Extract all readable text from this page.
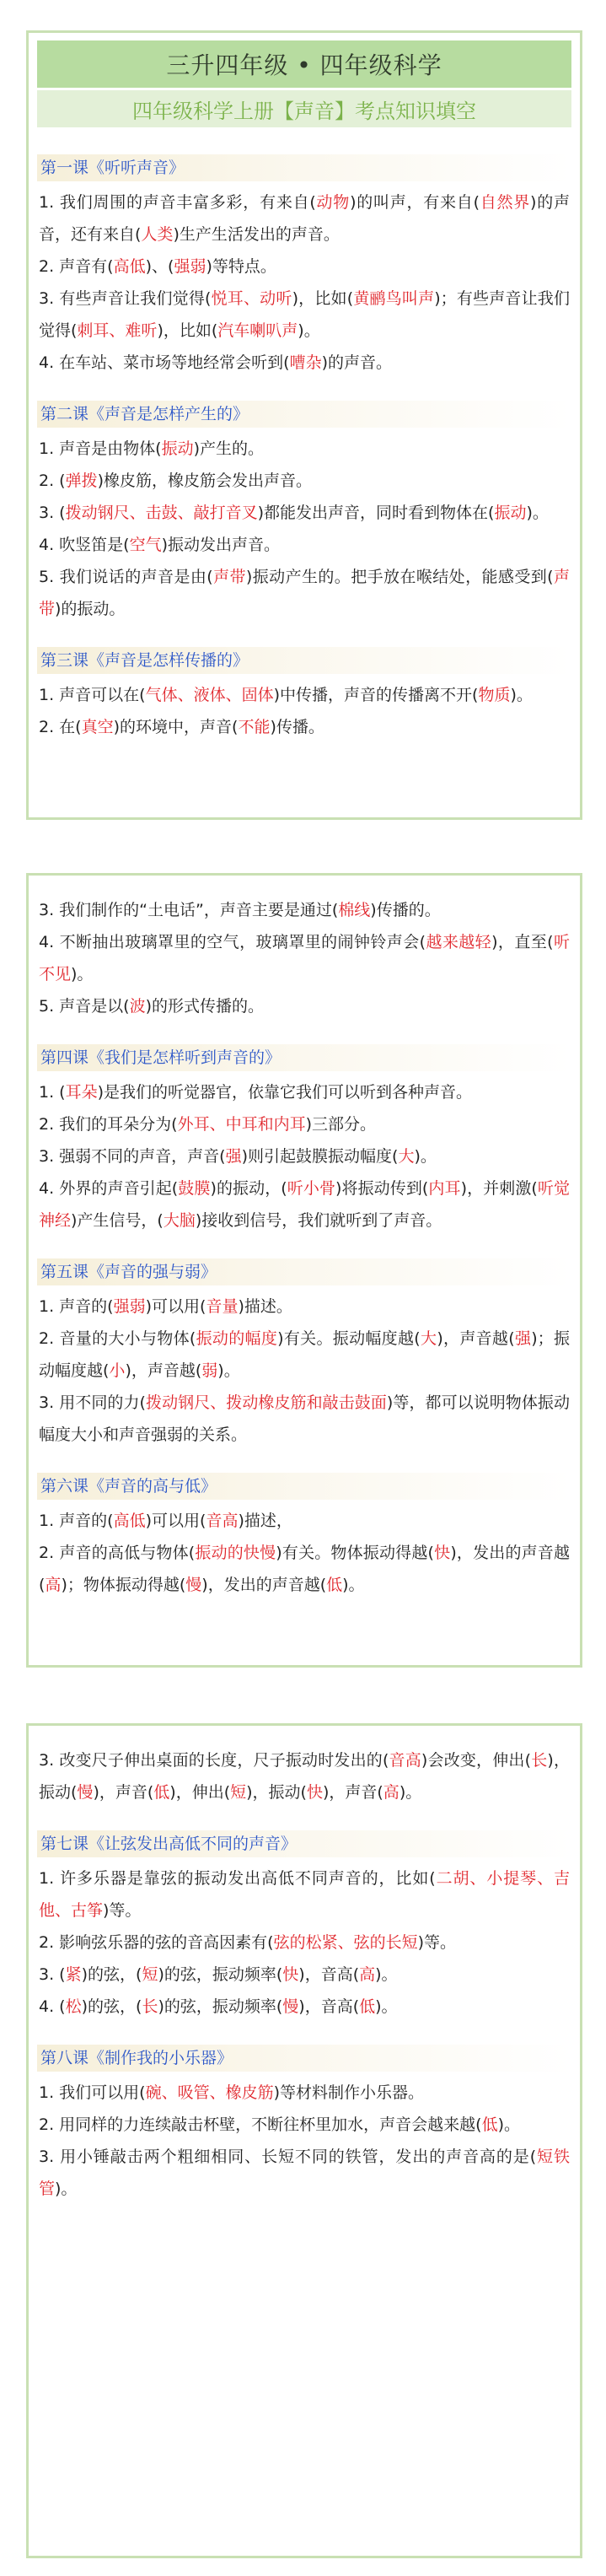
三升四年级 • 四年级科学
四年级科学上册【声音】考点知识填空
第一课《听听声音》
1. 我们周围的声音丰富多彩，有来自(动物)的叫声，有来自(自然界)的声音，还有来自(人类)生产生活发出的声音。
2. 声音有(高低)、(强弱)等特点。
3. 有些声音让我们觉得(悦耳、动听)，比如(黄鹂鸟叫声)；有些声音让我们觉得(刺耳、难听)，比如(汽车喇叭声)。
4. 在车站、菜市场等地经常会听到(嘈杂)的声音。
第二课《声音是怎样产生的》
1. 声音是由物体(振动)产生的。
2. (弹拨)橡皮筋，橡皮筋会发出声音。
3. (拨动钢尺、击鼓、敲打音叉)都能发出声音，同时看到物体在(振动)。
4. 吹竖笛是(空气)振动发出声音。
5. 我们说话的声音是由(声带)振动产生的。把手放在喉结处，能感受到(声带)的振动。
第三课《声音是怎样传播的》
1. 声音可以在(气体、液体、固体)中传播，声音的传播离不开(物质)。
2. 在(真空)的环境中，声音(不能)传播。
3. 我们制作的“土电话”，声音主要是通过(棉线)传播的。
4. 不断抽出玻璃罩里的空气，玻璃罩里的闹钟铃声会(越来越轻)，直至(听不见)。
5. 声音是以(波)的形式传播的。
第四课《我们是怎样听到声音的》
1. (耳朵)是我们的听觉器官，依靠它我们可以听到各种声音。
2. 我们的耳朵分为(外耳、中耳和内耳)三部分。
3. 强弱不同的声音，声音(强)则引起鼓膜振动幅度(大)。
4. 外界的声音引起(鼓膜)的振动，(听小骨)将振动传到(内耳)，并刺激(听觉神经)产生信号，(大脑)接收到信号，我们就听到了声音。
第五课《声音的强与弱》
1. 声音的(强弱)可以用(音量)描述。
2. 音量的大小与物体(振动的幅度)有关。振动幅度越(大)，声音越(强)；振动幅度越(小)，声音越(弱)。
3. 用不同的力(拨动钢尺、拨动橡皮筋和敲击鼓面)等，都可以说明物体振动幅度大小和声音强弱的关系。
第六课《声音的高与低》
1. 声音的(高低)可以用(音高)描述，
2. 声音的高低与物体(振动的快慢)有关。物体振动得越(快)，发出的声音越(高)；物体振动得越(慢)，发出的声音越(低)。
3. 改变尺子伸出桌面的长度，尺子振动时发出的(音高)会改变，伸出(长)，振动(慢)，声音(低)，伸出(短)，振动(快)，声音(高)。
第七课《让弦发出高低不同的声音》
1. 许多乐器是靠弦的振动发出高低不同声音的，比如(二胡、小提琴、吉他、古筝)等。
2. 影响弦乐器的弦的音高因素有(弦的松紧、弦的长短)等。
3. (紧)的弦，(短)的弦，振动频率(快)，音高(高)。
4. (松)的弦，(长)的弦，振动频率(慢)，音高(低)。
第八课《制作我的小乐器》
1. 我们可以用(碗、吸管、橡皮筋)等材料制作小乐器。
2. 用同样的力连续敲击杯壁，不断往杯里加水，声音会越来越(低)。
3. 用小锤敲击两个粗细相同、长短不同的铁管，发出的声音高的是(短铁管)。
